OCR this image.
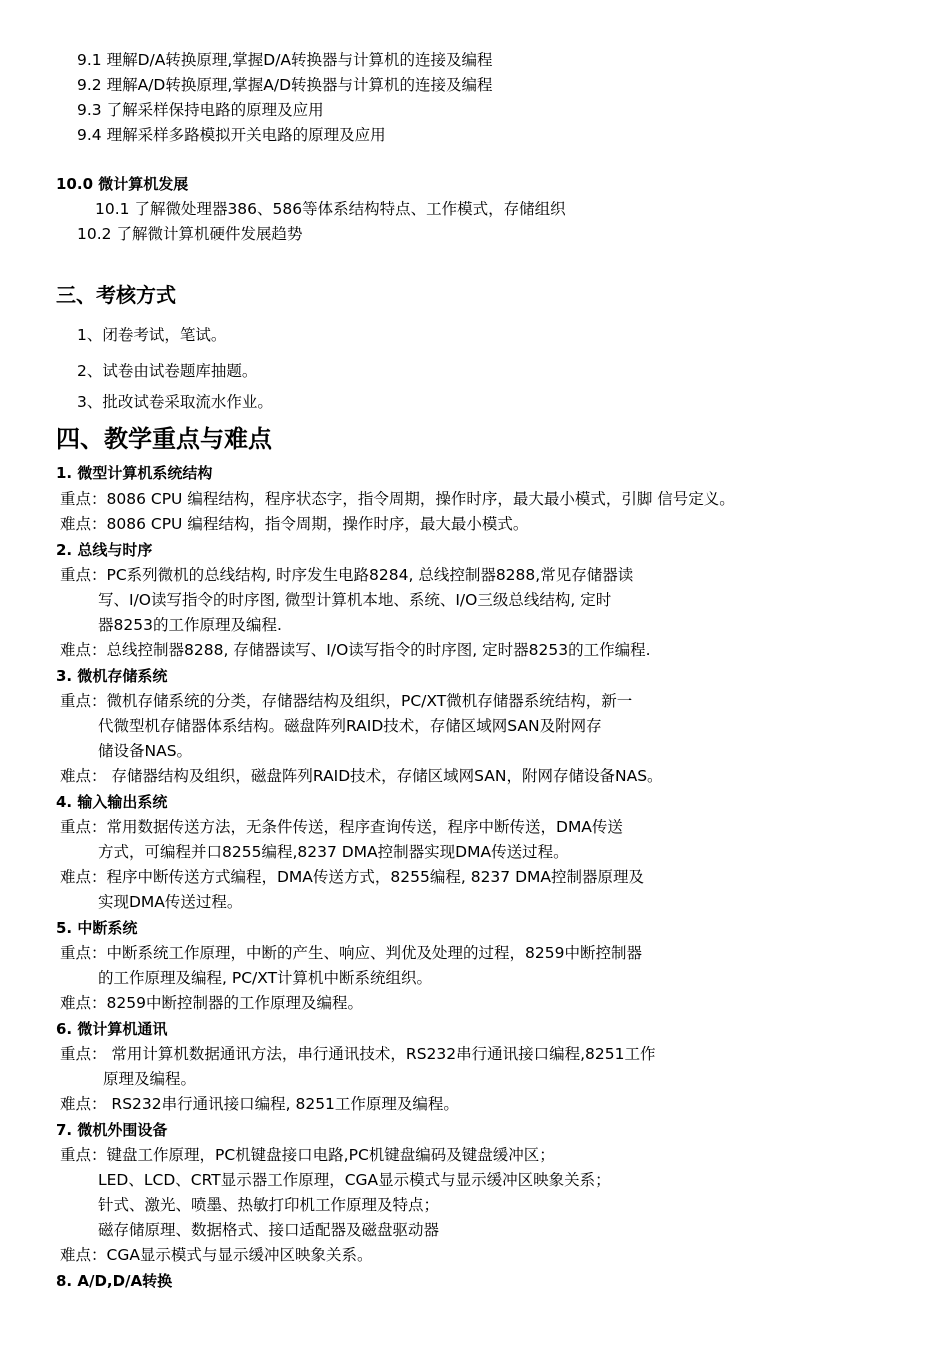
9.1 理解D/A转换原理,掌握D/A转换器与计算机的连接及编程
9.2 理解A/D转换原理,掌握A/D转换器与计算机的连接及编程
9.3 了解采样保持电路的原理及应用
9.4 理解采样多路模拟开关电路的原理及应用
10.0 微计算机发展
10.1 了解微处理器386、586等体系结构特点、工作模式，存储组织
10.2 了解微计算机硬件发展趋势
三、考核方式
1、闭卷考试，笔试。
2、试卷由试卷题库抽题。
3、批改试卷采取流水作业。
四、教学重点与难点
1. 微型计算机系统结构
重点：8086 CPU 编程结构，程序状态字，指令周期，操作时序，最大最小模式，引脚 信号定义。
难点：8086 CPU 编程结构，指令周期，操作时序，最大最小模式。
2. 总线与时序
重点：PC系列微机的总线结构, 时序发生电路8284, 总线控制器8288,常见存储器读
写、I/O读写指令的时序图, 微型计算机本地、系统、I/O三级总线结构, 定时
器8253的工作原理及编程.
难点：总线控制器8288, 存储器读写、I/O读写指令的时序图, 定时器8253的工作编程.
3. 微机存储系统
重点：微机存储系统的分类，存储器结构及组织，PC/XT微机存储器系统结构，新一
代微型机存储器体系结构。磁盘阵列RAID技术，存储区域网SAN及附网存
储设备NAS。
难点： 存储器结构及组织，磁盘阵列RAID技术，存储区域网SAN，附网存储设备NAS。
4. 输入输出系统
重点：常用数据传送方法，无条件传送，程序查询传送，程序中断传送，DMA传送
方式，可编程并口8255编程,8237 DMA控制器实现DMA传送过程。
难点：程序中断传送方式编程，DMA传送方式，8255编程, 8237 DMA控制器原理及
实现DMA传送过程。
5. 中断系统
重点：中断系统工作原理，中断的产生、响应、判优及处理的过程，8259中断控制器
的工作原理及编程, PC/XT计算机中断系统组织。
难点：8259中断控制器的工作原理及编程。
6. 微计算机通讯
重点： 常用计算机数据通讯方法，串行通讯技术，RS232串行通讯接口编程,8251工作
原理及编程。
难点： RS232串行通讯接口编程, 8251工作原理及编程。
7. 微机外围设备
重点：键盘工作原理，PC机键盘接口电路,PC机键盘编码及键盘缓冲区；
LED、LCD、CRT显示器工作原理，CGA显示模式与显示缓冲区映象关系；
针式、激光、喷墨、热敏打印机工作原理及特点；
磁存储原理、数据格式、接口适配器及磁盘驱动器
难点：CGA显示模式与显示缓冲区映象关系。
8. A/D,D/A转换
